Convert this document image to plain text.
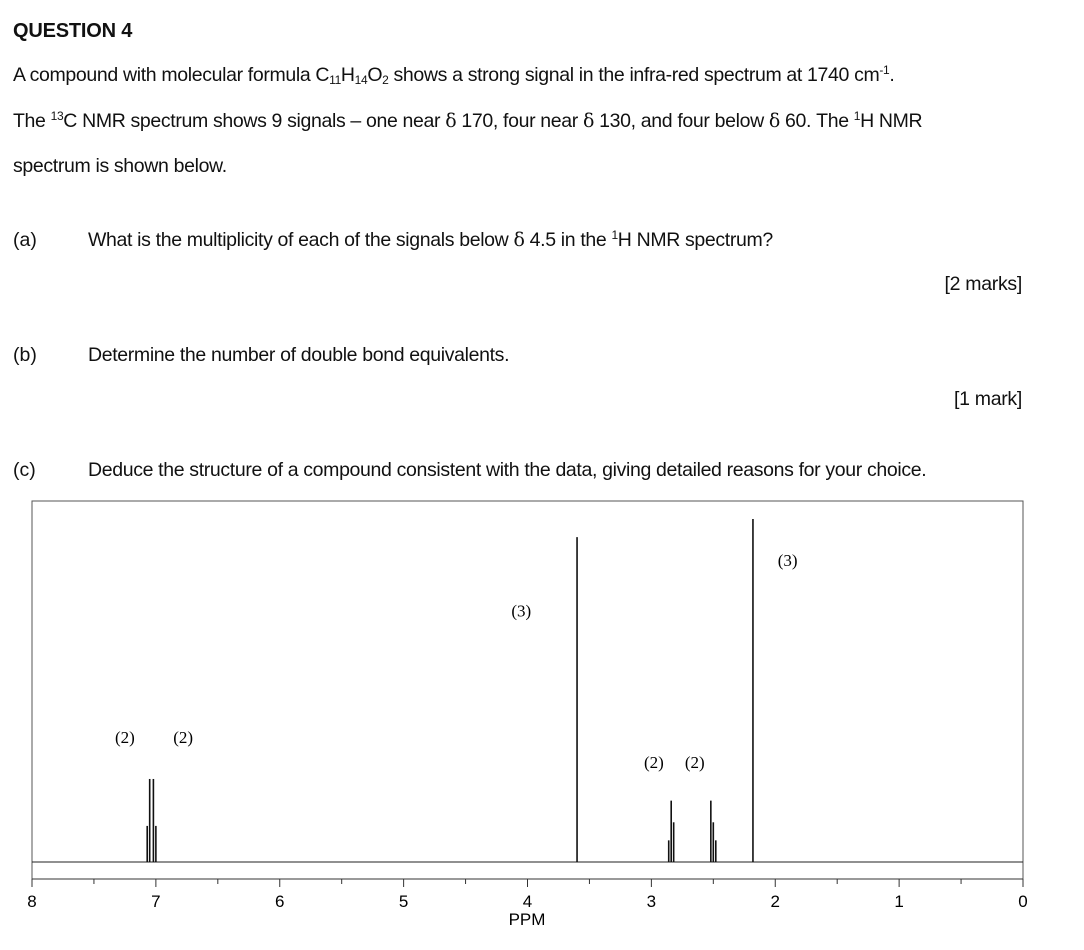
QUESTION 4
A compound with molecular formula $C_{11}H_{14}O_2$ shows a strong signal in the infra-red spectrum at 1740 $cm^{-1}$.
The $^{13}$C NMR spectrum shows 9 signals – one near δ 170, four near δ 130, and four below δ 60. The $^1$H NMR
spectrum is shown below.
(a)	What is the multiplicity of each of the signals below δ 4.5 in the $^1$H NMR spectrum?
[2 marks]
(b)	Determine the number of double bond equivalents.
[1 mark]
(c)	Deduce the structure of a compound consistent with the data, giving detailed reasons for your choice.
8	7	6	5	4	3	2	1	0
(2) (2)
(3)
(2) (2)
(3)
PPM
